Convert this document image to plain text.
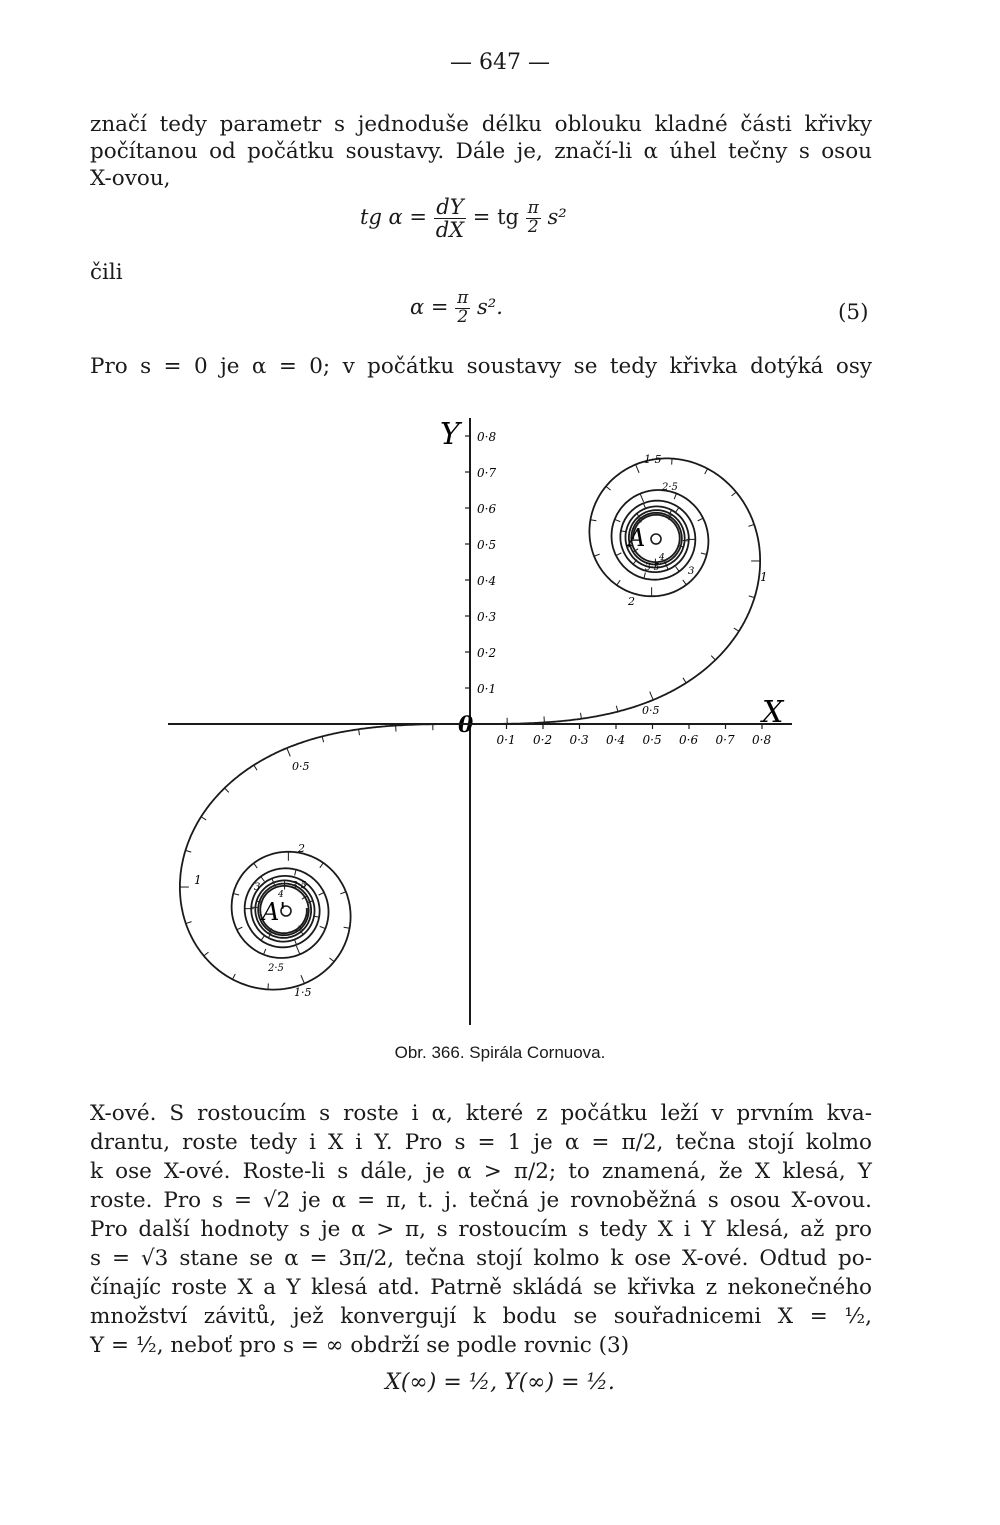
— 647 —
značí tedy parametr s jednoduše délku oblouku kladné části křivky
počítanou od počátku soustavy. Dále je, značí-li α úhel tečny s osou
X-ovou,
tg $\alpha = \frac{dY}{dX}$ = tg $\frac{\pi}{2} s^2$
čili
$\alpha = \frac{\pi}{2} s^2$.	(5)
Pro s = 0 je α = 0; v počátku soustavy se tedy křivka dotýká osy
0·1 0·2 0·3 0·4 0·5 0·6 0·7 0·8
0·8
0·7
0·6
0·5
0·4
0·3
0·2
0·1
Y
X
0
A
A'
0·5
1
1·5
2
2·5
3
3·5
4
0·5
1
1·5
2
2·5
3	3·5
4
Obr. 366. Spirála Cornuova.
X-ové. S rostoucím s roste i α, které z počátku leží v prvním kva-
drantu, roste tedy i X i Y. Pro s = 1 je α = π/2, tečna stojí kolmo
k ose X-ové. Roste-li s dále, je α > π/2; to znamená, že X klesá, Y
roste. Pro s = √2 je α = π, t. j. tečná je rovnoběžná s osou X-ovou.
Pro další hodnoty s je α > π, s rostoucím s tedy X i Y klesá, až pro
s = √3 stane se α = 3π/2, tečna stojí kolmo k ose X-ové. Odtud po-
čínajíc roste X a Y klesá atd. Patrně skládá se křivka z nekonečného
množství závitů, jež konvergují k bodu se souřadnicemi X = ½,
Y = ½, neboť pro s = ∞ obdrží se podle rovnic (3)
X(∞) = ½, Y(∞) = ½.
